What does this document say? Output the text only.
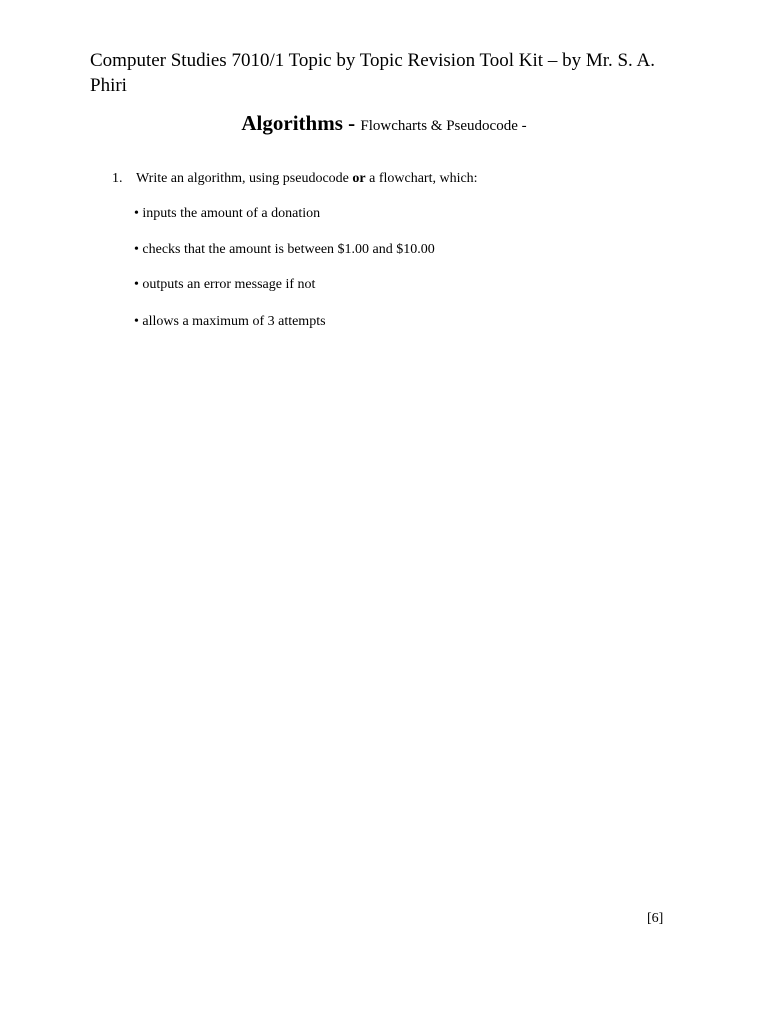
Computer Studies 7010/1 Topic by Topic Revision Tool Kit – by Mr. S. A. Phiri
Algorithms - Flowcharts & Pseudocode -
1. Write an algorithm, using pseudocode or a flowchart, which:
• inputs the amount of a donation
• checks that the amount is between $1.00 and $10.00
• outputs an error message if not
• allows a maximum of 3 attempts
[6]
